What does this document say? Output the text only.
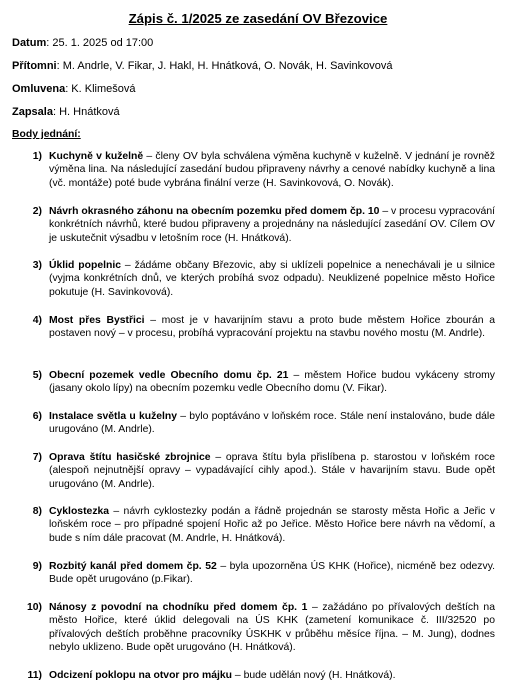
Zápis č. 1/2025 ze zasedání OV Březovice
Datum: 25. 1. 2025 od 17:00
Přítomni: M. Andrle, V. Fikar, J. Hakl, H. Hnátková, O. Novák, H. Savinkovová
Omluvena: K. Klimešová
Zapsala: H. Hnátková
Body jednání:
1) Kuchyně v kuželně – členy OV byla schválena výměna kuchyně v kuželně. V jednání je rovněž výměna lina. Na následující zasedání budou připraveny návrhy a cenové nabídky kuchyně a lina (vč. montáže) poté bude vybrána finální verze (H. Savinkovová, O. Novák).
2) Návrh okrasného záhonu na obecním pozemku před domem čp. 10 – v procesu vypracování konkrétních návrhů, které budou připraveny a projednány na následující zasedání OV. Cílem OV je uskutečnit výsadbu v letošním roce (H. Hnátková).
3) Úklid popelnic – žádáme občany Březovic, aby si uklízeli popelnice a nenechávali je u silnice (vyjma konkrétních dnů, ve kterých probíhá svoz odpadu). Neuklizené popelnice město Hořice pokutuje (H. Savinkovová).
4) Most přes Bystřici – most je v havarijním stavu a proto bude městem Hořice zbourán a postaven nový – v procesu, probíhá vypracování projektu na stavbu nového mostu (M. Andrle).
5) Obecní pozemek vedle Obecního domu čp. 21 – městem Hořice budou vykáceny stromy (jasany okolo lípy) na obecním pozemku vedle Obecního domu (V. Fikar).
6) Instalace světla u kuželny – bylo poptáváno v loňském roce. Stále není instalováno, bude dále urugováno (M. Andrle).
7) Oprava štítu hasičské zbrojnice – oprava štítu byla přislíbena p. starostou v loňském roce (alespoň nejnutnější opravy – vypadávající cihly apod.). Stále v havarijním stavu. Bude opět urugováno (M. Andrle).
8) Cyklostezka – návrh cyklostezky podán a řádně projednán se starosty města Hořic a Jeřic v loňském roce – pro případné spojení Hořic až po Jeřice. Město Hořice bere návrh na vědomí, a bude s ním dále pracovat (M. Andrle, H. Hnátková).
9) Rozbitý kanál před domem čp. 52 – byla upozorněna ÚS KHK (Hořice), nicméně bez odezvy. Bude opět urugováno (p.Fikar).
10) Nánosy z povodní na chodníku před domem čp. 1 – zažádáno po přívalových deštích na město Hořice, které úklid delegovali na ÚS KHK (zametení komunikace č. III/32520 po přívalových deštích proběhne pracovníky ÚSKHK v průběhu měsíce října. – M. Jung), dodnes nebylo uklizeno. Bude opět urugováno (H. Hnátková).
11) Odcizení poklopu na otvor pro májku – bude udělán nový (H. Hnátková).
